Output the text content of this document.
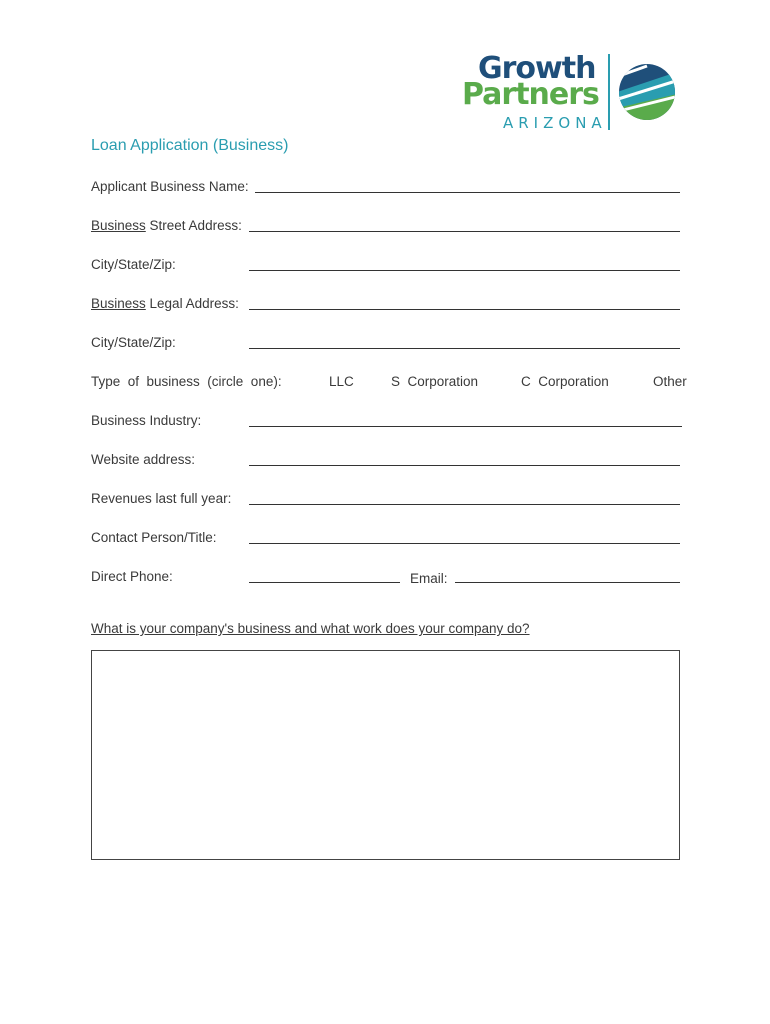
Growth
Partners
ARIZONA
Loan Application (Business)
Applicant Business Name:
Business Street Address:
City/State/Zip:
Business Legal Address:
City/State/Zip:
Type  of  business  (circle  one):	LLC	S  Corporation	C  Corporation	Other
Business Industry:
Website address:
Revenues last full year:
Contact Person/Title:
Direct Phone:	Email:
What is your company's business and what work does your company do?
